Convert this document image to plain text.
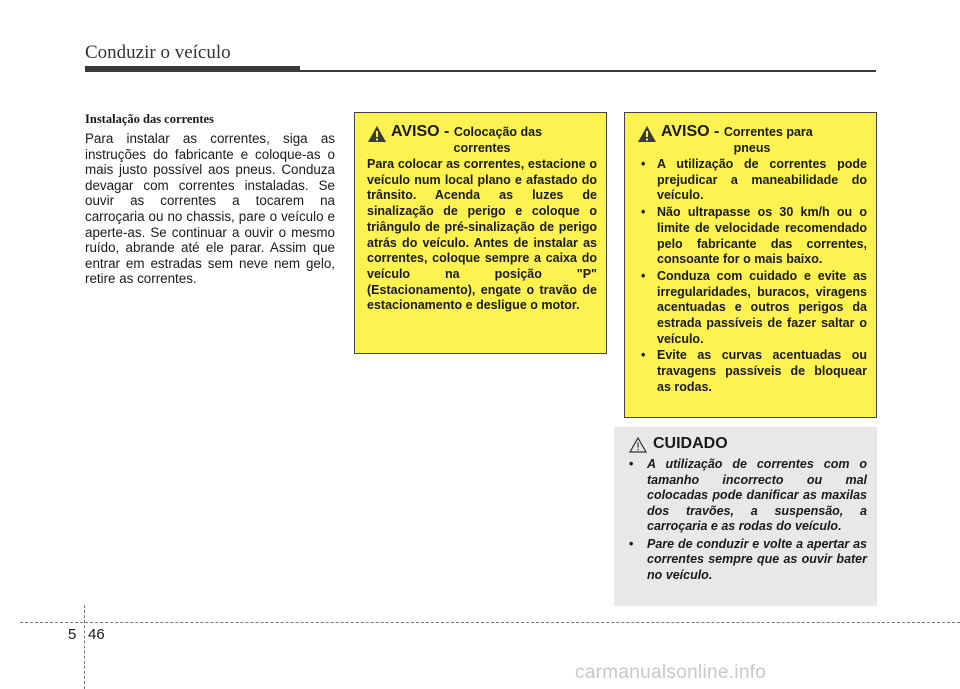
Conduzir o veículo
Instalação das correntes

Para instalar as correntes, siga as instruções do fabricante e coloque-as o mais justo possível aos pneus. Conduza devagar com correntes instaladas. Se ouvir as correntes a tocarem na carroçaria ou no chassis, pare o veículo e aperte-as. Se continuar a ouvir o mesmo ruído, abrande até ele parar. Assim que entrar em estradas sem neve nem gelo, retire as correntes.

AVISO - Colocação das
correntes

Para colocar as correntes, estacione o veículo num local plano e afastado do trânsito. Acenda as luzes de sinalização de perigo e coloque o triângulo de pré-sinalização de perigo atrás do veículo. Antes de instalar as correntes, coloque sempre a caixa do veículo na posição "P" (Estacionamento), engate o travão de estacionamento e desligue o motor.

AVISO - Correntes para
pneus
• A utilização de correntes pode prejudicar a maneabilidade do veículo.
• Não ultrapasse os 30 km/h ou o limite de velocidade recomendado pelo fabricante das correntes, consoante for o mais baixo.
• Conduza com cuidado e evite as irregularidades, buracos, viragens acentuadas e outros perigos da estrada passíveis de fazer saltar o veículo.
• Evite as curvas acentuadas ou travagens passíveis de bloquear as rodas.
CUIDADO
• A utilização de correntes com o tamanho incorrecto ou mal colocadas pode danificar as maxilas dos travões, a suspensão, a carroçaria e as rodas do veículo.
• Pare de conduzir e volte a apertar as correntes sempre que as ouvir bater no veículo.
5 46
carmanualsonline.info
